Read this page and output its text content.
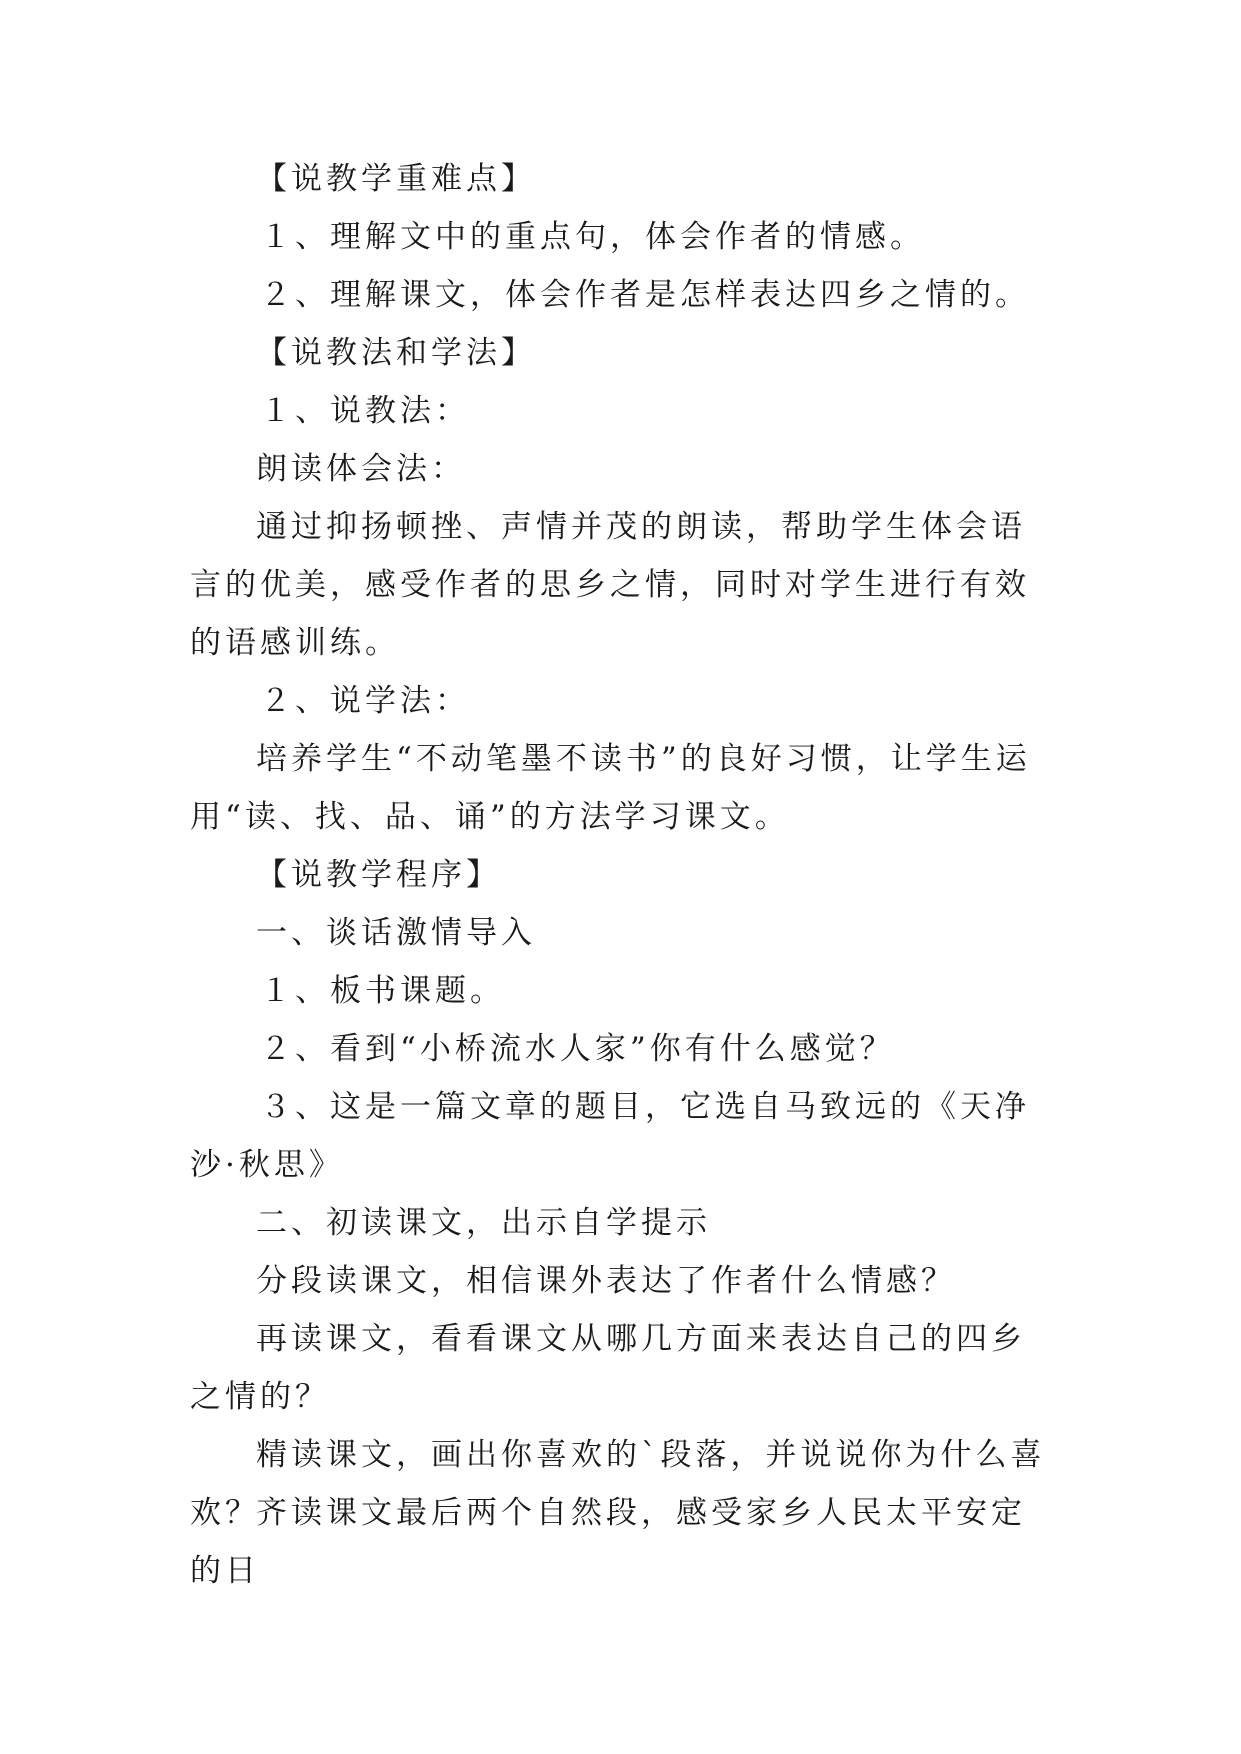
【说教学重难点】

１、理解文中的重点句，体会作者的情感。

２、理解课文，体会作者是怎样表达四乡之情的。

【说教法和学法】

１、说教法：

朗读体会法：

通过抑扬顿挫、声情并茂的朗读，帮助学生体会语言的优美，感受作者的思乡之情，同时对学生进行有效的语感训练。

２、说学法：

培养学生“不动笔墨不读书”的良好习惯，让学生运用“读、找、品、诵”的方法学习课文。

【说教学程序】

一、谈话激情导入

１、板书课题。

２、看到“小桥流水人家”你有什么感觉？

３、这是一篇文章的题目，它选自马致远的《天净沙·秋思》

二、初读课文，出示自学提示

分段读课文，相信课外表达了作者什么情感？

再读课文，看看课文从哪几方面来表达自己的四乡之情的？

精读课文，画出你喜欢的`段落，并说说你为什么喜欢？

齐读课文最后两个自然段，感受家乡人民太平安定的日
